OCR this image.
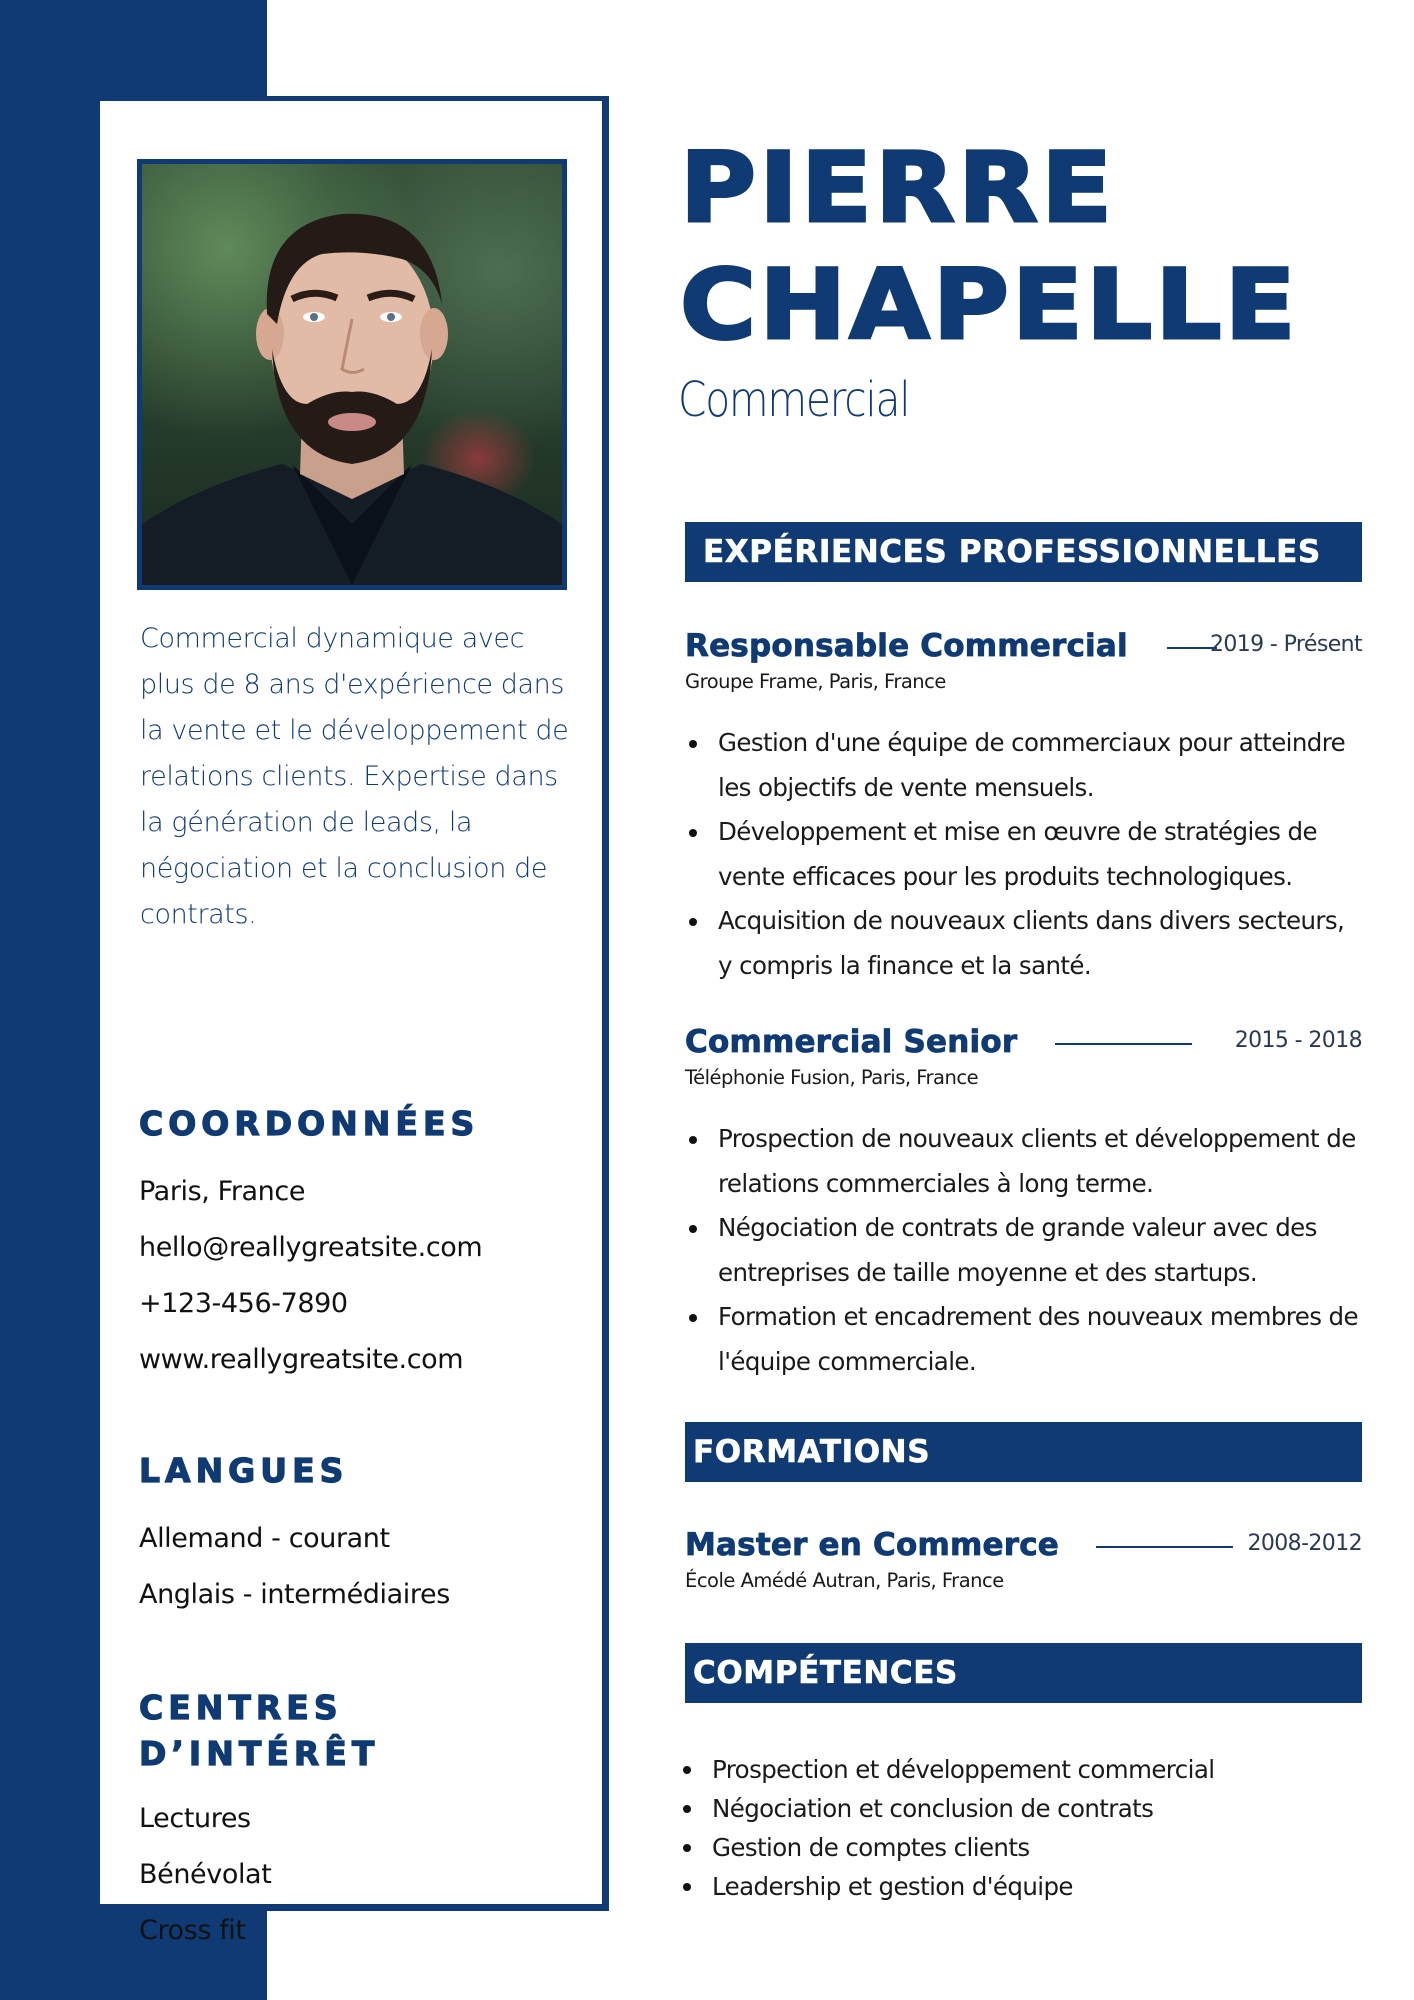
Commercial dynamique avec plus de 8 ans d'expérience dans la vente et le développement de relations clients. Expertise dans la génération de leads, la négociation et la conclusion de contrats.
COORDONNÉES
Paris, France
hello@reallygreatsite.com
+123-456-7890
www.reallygreatsite.com
LANGUES
Allemand - courant
Anglais - intermédiaires
CENTRES
D’INTÉRÊT
Lectures
Bénévolat
Cross fit
PIERRE
CHAPELLE
Commercial
EXPÉRIENCES PROFESSIONNELLES
Responsable Commercial	2019 - Présent
Groupe Frame, Paris, France
Gestion d'une équipe de commerciaux pour atteindre les objectifs de vente mensuels.
Développement et mise en œuvre de stratégies de vente efficaces pour les produits technologiques.
Acquisition de nouveaux clients dans divers secteurs, y compris la finance et la santé.
Commercial Senior	2015 - 2018
Téléphonie Fusion, Paris, France
Prospection de nouveaux clients et développement de relations commerciales à long terme.
Négociation de contrats de grande valeur avec des entreprises de taille moyenne et des startups.
Formation et encadrement des nouveaux membres de l'équipe commerciale.
FORMATIONS
Master en Commerce	2008-2012
École Amédé Autran, Paris, France
COMPÉTENCES
Prospection et développement commercial
Négociation et conclusion de contrats
Gestion de comptes clients
Leadership et gestion d'équipe
